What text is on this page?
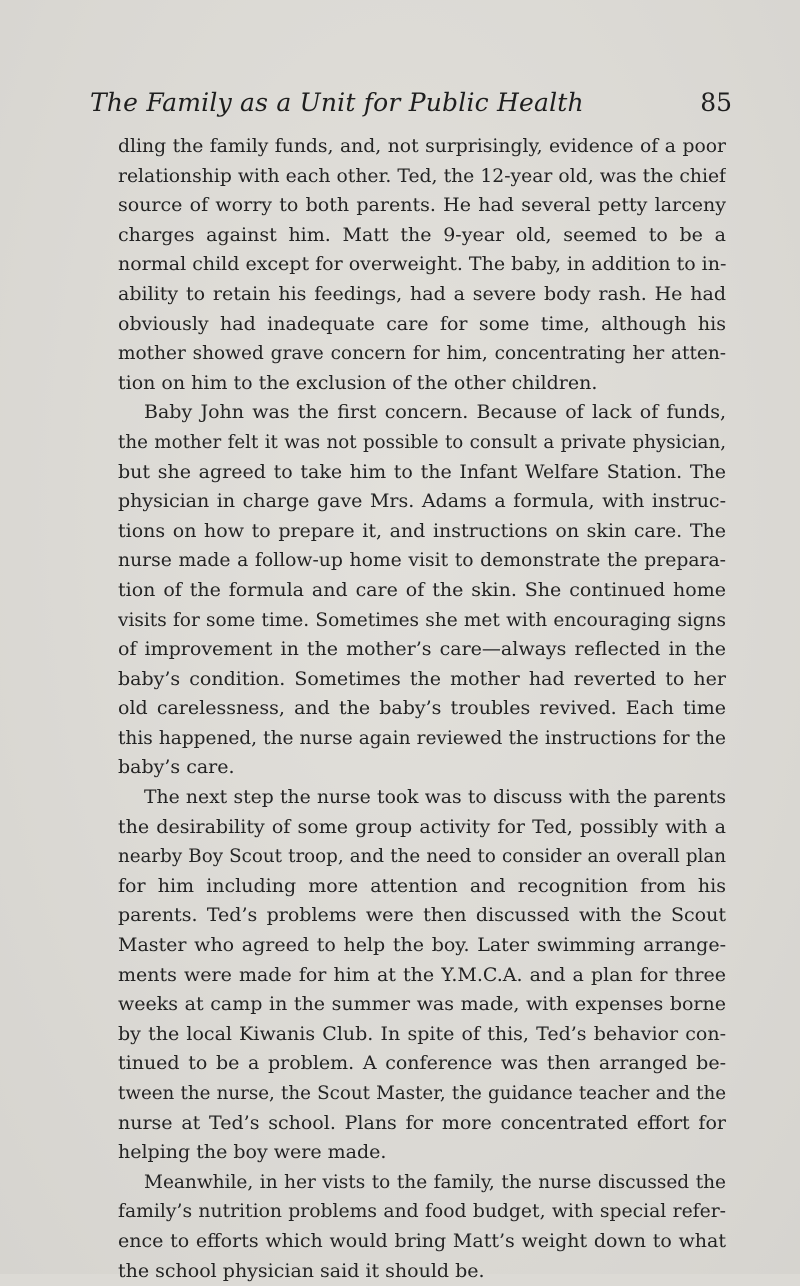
The Family as a Unit for Public Health	85
dling the family funds, and, not surprisingly, evidence of a poor
relationship with each other. Ted, the 12-year old, was the chief
source of worry to both parents. He had several petty larceny
charges against him. Matt the 9-year old, seemed to be a
normal child except for overweight. The baby, in addition to in-
ability to retain his feedings, had a severe body rash. He had
obviously had inadequate care for some time, although his
mother showed grave concern for him, concentrating her atten-
tion on him to the exclusion of the other children.
Baby John was the first concern. Because of lack of funds,
the mother felt it was not possible to consult a private physician,
but she agreed to take him to the Infant Welfare Station. The
physician in charge gave Mrs. Adams a formula, with instruc-
tions on how to prepare it, and instructions on skin care. The
nurse made a follow-up home visit to demonstrate the prepara-
tion of the formula and care of the skin. She continued home
visits for some time. Sometimes she met with encouraging signs
of improvement in the mother’s care—always reflected in the
baby’s condition. Sometimes the mother had reverted to her
old carelessness, and the baby’s troubles revived. Each time
this happened, the nurse again reviewed the instructions for the
baby’s care.
The next step the nurse took was to discuss with the parents
the desirability of some group activity for Ted, possibly with a
nearby Boy Scout troop, and the need to consider an overall plan
for him including more attention and recognition from his
parents. Ted’s problems were then discussed with the Scout
Master who agreed to help the boy. Later swimming arrange-
ments were made for him at the Y.M.C.A. and a plan for three
weeks at camp in the summer was made, with expenses borne
by the local Kiwanis Club. In spite of this, Ted’s behavior con-
tinued to be a problem. A conference was then arranged be-
tween the nurse, the Scout Master, the guidance teacher and the
nurse at Ted’s school. Plans for more concentrated effort for
helping the boy were made.
Meanwhile, in her vists to the family, the nurse discussed the
family’s nutrition problems and food budget, with special refer-
ence to efforts which would bring Matt’s weight down to what
the school physician said it should be.
